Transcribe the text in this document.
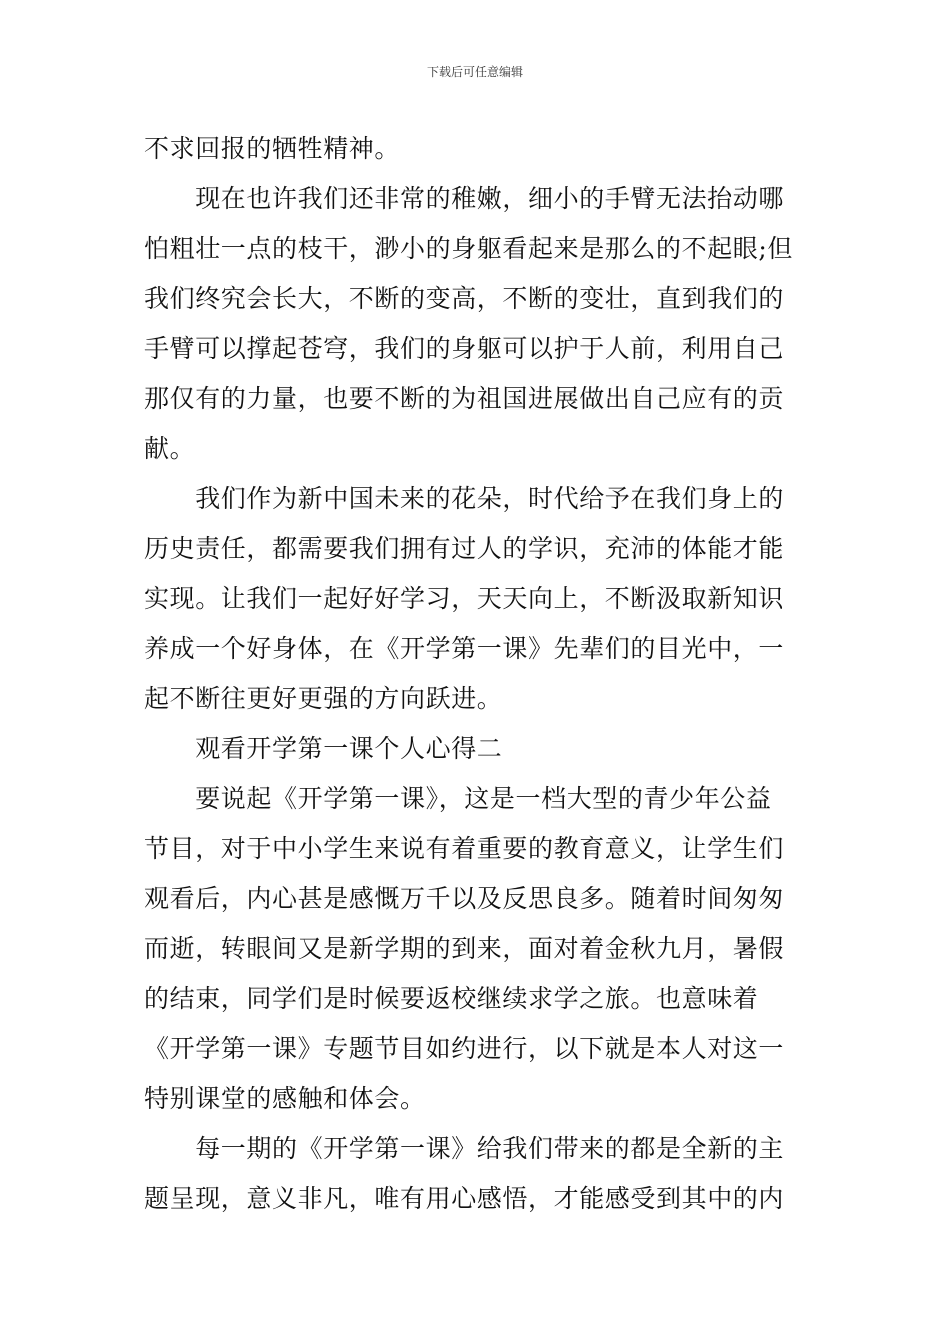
下载后可任意编辑
不求回报的牺牲精神。
　　现在也许我们还非常的稚嫩，细小的手臂无法抬动哪
怕粗壮一点的枝干，渺小的身躯看起来是那么的不起眼;但
我们终究会长大，不断的变高，不断的变壮，直到我们的
手臂可以撑起苍穹，我们的身躯可以护于人前，利用自己
那仅有的力量，也要不断的为祖国进展做出自己应有的贡
献。
　　我们作为新中国未来的花朵，时代给予在我们身上的
历史责任，都需要我们拥有过人的学识，充沛的体能才能
实现。让我们一起好好学习，天天向上，不断汲取新知识
养成一个好身体，在《开学第一课》先辈们的目光中，一
起不断往更好更强的方向跃进。
　　观看开学第一课个人心得二
　　要说起《开学第一课》，这是一档大型的青少年公益
节目，对于中小学生来说有着重要的教育意义，让学生们
观看后，内心甚是感慨万千以及反思良多。随着时间匆匆
而逝，转眼间又是新学期的到来，面对着金秋九月，暑假
的结束，同学们是时候要返校继续求学之旅。也意味着
《开学第一课》专题节目如约进行，以下就是本人对这一
特别课堂的感触和体会。
　　每一期的《开学第一课》给我们带来的都是全新的主
题呈现，意义非凡，唯有用心感悟，才能感受到其中的内
